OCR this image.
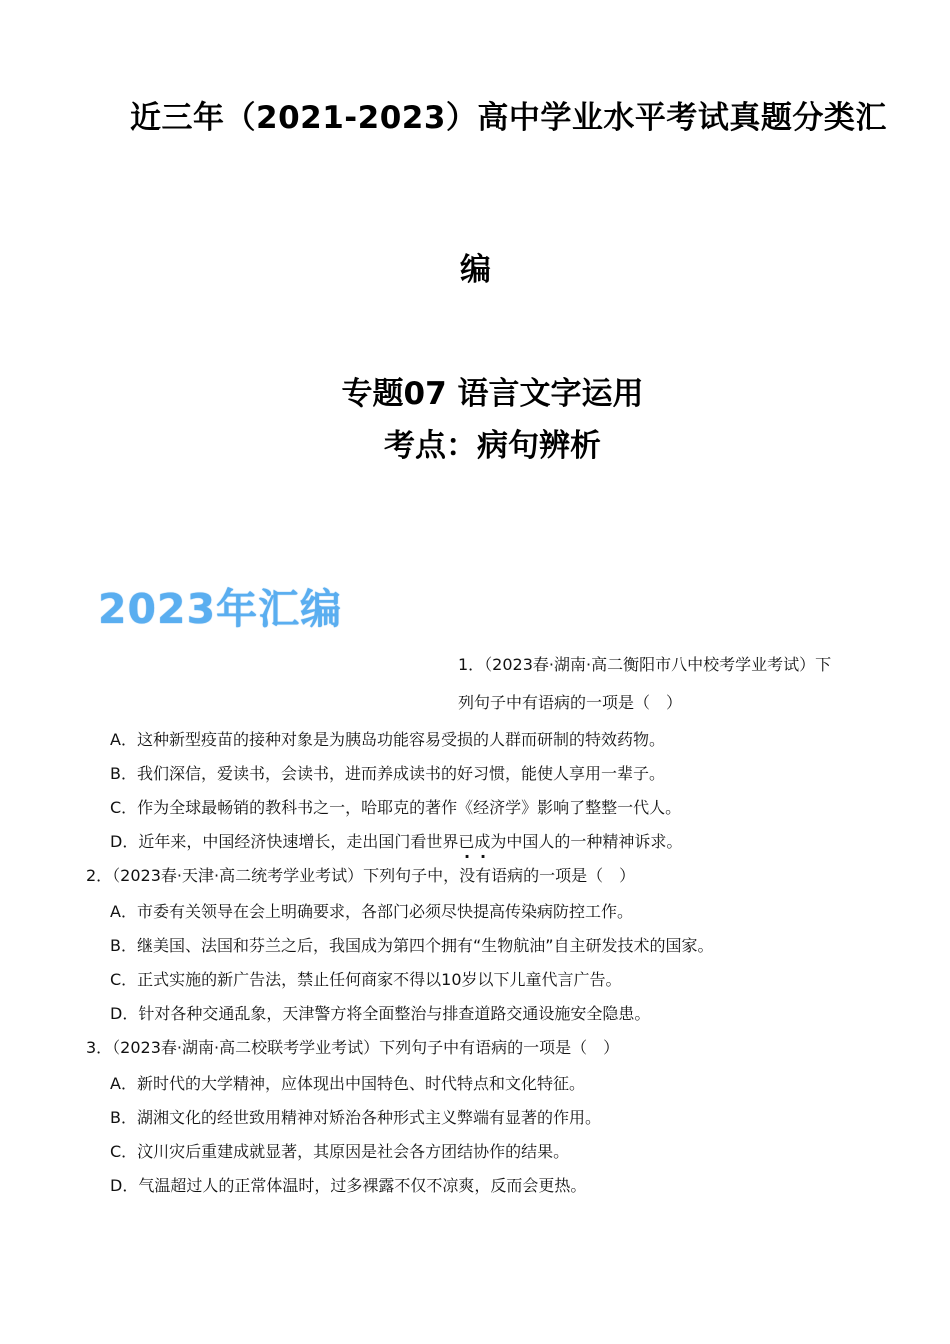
近三年（2021-2023）高中学业水平考试真题分类汇
编
专题07 语言文字运用
考点：病句辨析
2023年汇编
1．（2023春·湖南·高二衡阳市八中校考学业考试）下
列句子中有语病的一项是（　）
A．这种新型疫苗的接种对象是为胰岛功能容易受损的人群而研制的特效药物。
B．我们深信，爱读书，会读书，进而养成读书的好习惯，能使人享用一辈子。
C．作为全球最畅销的教科书之一，哈耶克的著作《经济学》影响了整整一代人。
D．近年来，中国经济快速增长，走出国门看世界已成为中国人的一种精神诉求。
2．（2023春·天津·高二统考学业考试）下列句子中，没有语病的一项是（　）
A．市委有关领导在会上明确要求，各部门必须尽快提高传染病防控工作。
B．继美国、法国和芬兰之后，我国成为第四个拥有“生物航油”自主研发技术的国家。
C．正式实施的新广告法，禁止任何商家不得以10岁以下儿童代言广告。
D．针对各种交通乱象，天津警方将全面整治与排查道路交通设施安全隐患。
3．（2023春·湖南·高二校联考学业考试）下列句子中有语病的一项是（　）
A．新时代的大学精神，应体现出中国特色、时代特点和文化特征。
B．湖湘文化的经世致用精神对矫治各种形式主义弊端有显著的作用。
C．汶川灾后重建成就显著，其原因是社会各方团结协作的结果。
D．气温超过人的正常体温时，过多裸露不仅不凉爽，反而会更热。
